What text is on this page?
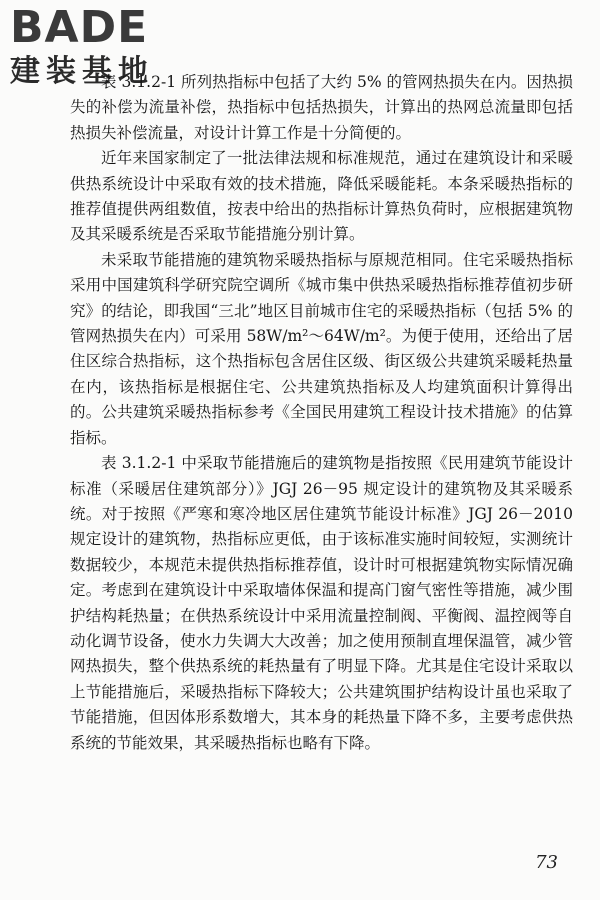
BADE
建装基地

表 3.1.2-1 所列热指标中包括了大约 5% 的管网热损失在内。因热损失的补偿为流量补偿，热指标中包括热损失，计算出的热网总流量即包括热损失补偿流量，对设计计算工作是十分简便的。

近年来国家制定了一批法律法规和标准规范，通过在建筑设计和采暖供热系统设计中采取有效的技术措施，降低采暖能耗。本条采暖热指标的推荐值提供两组数值，按表中给出的热指标计算热负荷时，应根据建筑物及其采暖系统是否采取节能措施分别计算。

未采取节能措施的建筑物采暖热指标与原规范相同。住宅采暖热指标采用中国建筑科学研究院空调所《城市集中供热采暖热指标推荐值初步研究》的结论，即我国“三北”地区目前城市住宅的采暖热指标（包括 5% 的管网热损失在内）可采用 58W/m²～64W/m²。为便于使用，还给出了居住区综合热指标，这个热指标包含居住区级、街区级公共建筑采暖耗热量在内，该热指标是根据住宅、公共建筑热指标及人均建筑面积计算得出的。公共建筑采暖热指标参考《全国民用建筑工程设计技术措施》的估算指标。

表 3.1.2-1 中采取节能措施后的建筑物是指按照《民用建筑节能设计标准（采暖居住建筑部分）》JGJ 26－95 规定设计的建筑物及其采暖系统。对于按照《严寒和寒冷地区居住建筑节能设计标准》JGJ 26－2010 规定设计的建筑物，热指标应更低，由于该标准实施时间较短，实测统计数据较少，本规范未提供热指标推荐值，设计时可根据建筑物实际情况确定。考虑到在建筑设计中采取墙体保温和提高门窗气密性等措施，减少围护结构耗热量；在供热系统设计中采用流量控制阀、平衡阀、温控阀等自动化调节设备，使水力失调大大改善；加之使用预制直埋保温管，减少管网热损失，整个供热系统的耗热量有了明显下降。尤其是住宅设计采取以上节能措施后，采暖热指标下降较大；公共建筑围护结构设计虽也采取了节能措施，但因体形系数增大，其本身的耗热量下降不多，主要考虑供热系统的节能效果，其采暖热指标也略有下降。

73
